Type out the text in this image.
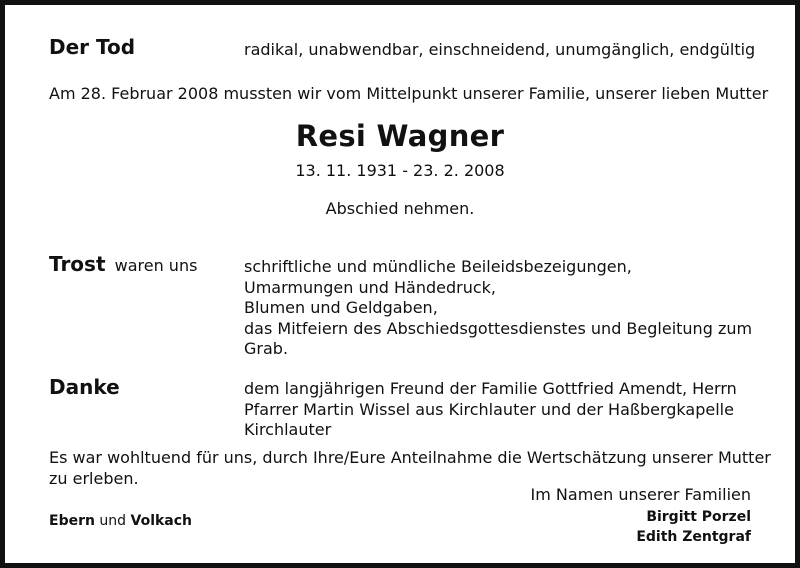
Der Tod	radikal, unabwendbar, einschneidend, unumgänglich, endgültig
Am 28. Februar 2008 mussten wir vom Mittelpunkt unserer Familie, unserer lieben Mutter
Resi Wagner
13. 11. 1931 - 23. 2. 2008
Abschied nehmen.
Trost waren uns	schriftliche und mündliche Beileidsbezeigungen,
Umarmungen und Händedruck,
Blumen und Geldgaben,
das Mitfeiern des Abschiedsgottesdienstes und Begleitung zum
Grab.
Danke	dem langjährigen Freund der Familie Gottfried Amendt, Herrn
Pfarrer Martin Wissel aus Kirchlauter und der Haßbergkapelle
Kirchlauter
Es war wohltuend für uns, durch Ihre/Eure Anteilnahme die Wertschätzung unserer Mutter
zu erleben.
Im Namen unserer Familien
Birgitt Porzel
Edith Zentgraf
Ebern und Volkach
